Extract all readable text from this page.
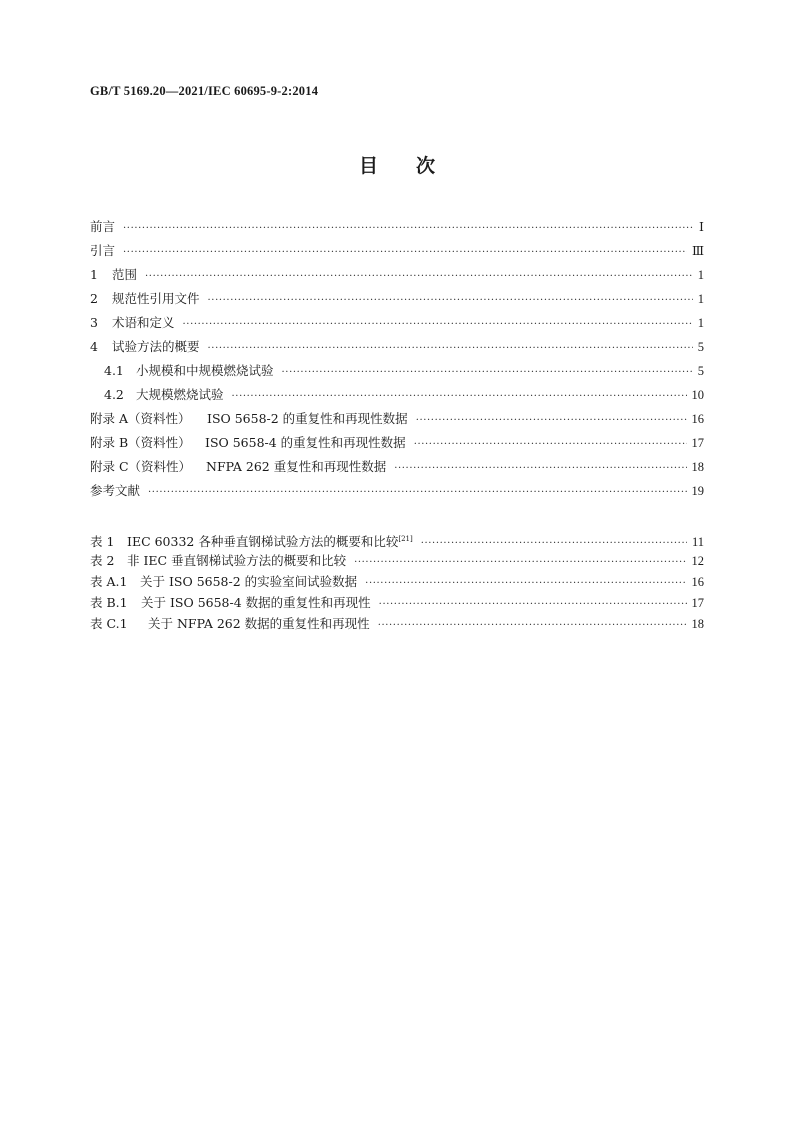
GB/T 5169.20—2021/IEC 60695-9-2:2014
目 次
前言 ·····	Ⅰ
引言 ·····	Ⅲ
1	范围 ·····	1
2	规范性引用文件 ·····	1
3	术语和定义 ·····	1
4	试验方法的概要 ·····	5
4.1 小规模和中规模燃烧试验 ·····	5
4.2 大规模燃烧试验 ·····	10
附录 A（资料性）	ISO 5658-2 的重复性和再现性数据 ·····	16
附录 B（资料性）	ISO 5658-4 的重复性和再现性数据 ·····	17
附录 C（资料性）	NFPA 262 重复性和再现性数据 ·····	18
参考文献 ·····	19
表 1	IEC 60332 各种垂直钢梯试验方法的概要和比较[21] ·····	11
表 2	非 IEC 垂直钢梯试验方法的概要和比较 ·····	12
表 A.1	关于 ISO 5658-2 的实验室间试验数据 ·····	16
表 B.1	关于 ISO 5658-4 数据的重复性和再现性 ·····	17
表 C.1	关于 NFPA 262 数据的重复性和再现性 ·····	18
